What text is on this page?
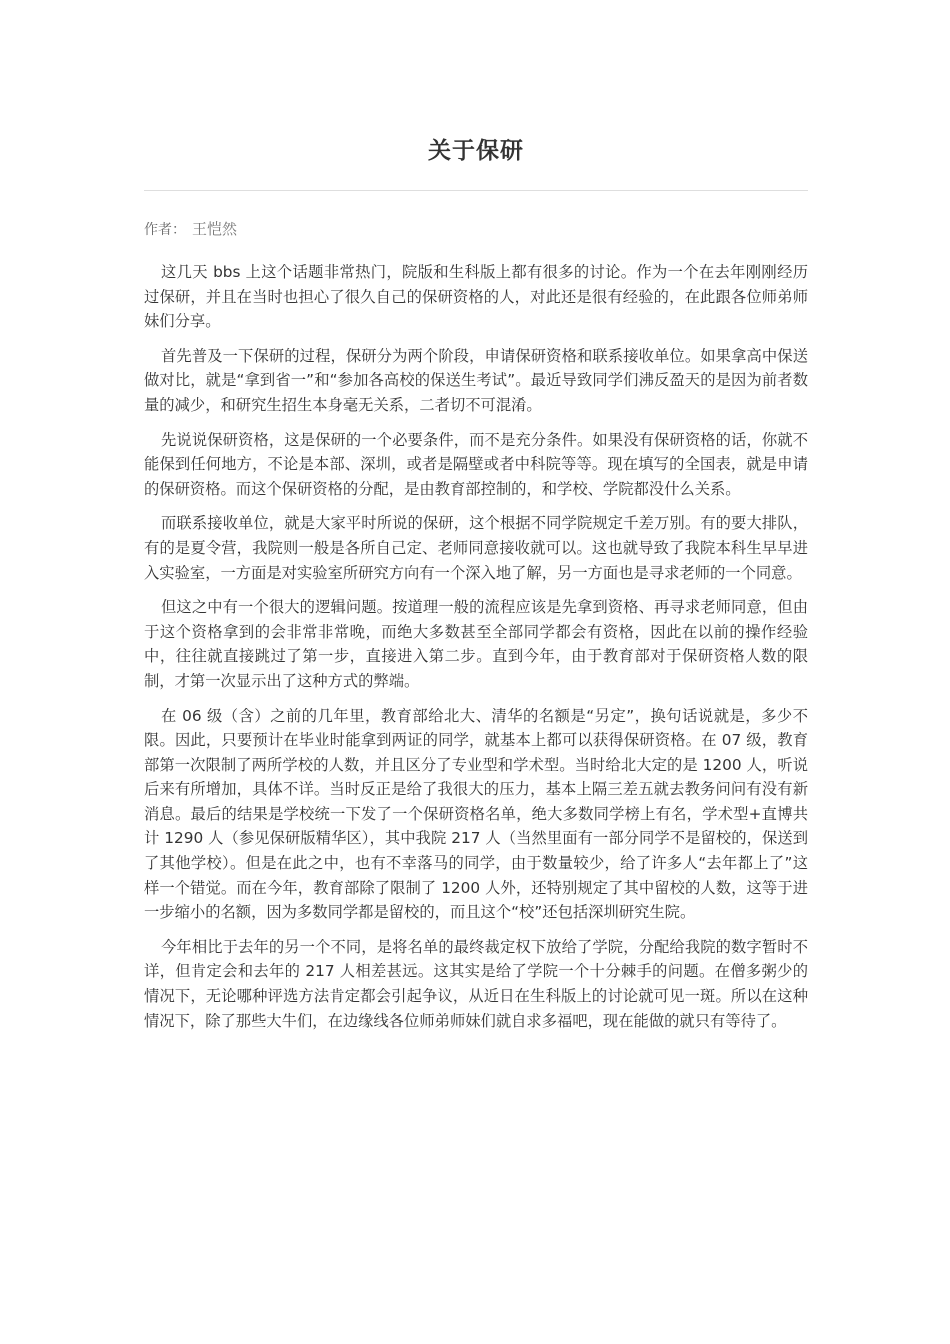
关于保研
作者： 王恺然

这几天 bbs 上这个话题非常热门，院版和生科版上都有很多的讨论。作为一个在去年刚刚经历过保研，并且在当时也担心了很久自己的保研资格的人，对此还是很有经验的，在此跟各位师弟师妹们分享。

首先普及一下保研的过程，保研分为两个阶段，申请保研资格和联系接收单位。如果拿高中保送做对比，就是“拿到省一”和“参加各高校的保送生考试”。最近导致同学们沸反盈天的是因为前者数量的减少，和研究生招生本身毫无关系，二者切不可混淆。

先说说保研资格，这是保研的一个必要条件，而不是充分条件。如果没有保研资格的话，你就不能保到任何地方，不论是本部、深圳，或者是隔壁或者中科院等等。现在填写的全国表，就是申请的保研资格。而这个保研资格的分配，是由教育部控制的，和学校、学院都没什么关系。

而联系接收单位，就是大家平时所说的保研，这个根据不同学院规定千差万别。有的要大排队，有的是夏令营，我院则一般是各所自己定、老师同意接收就可以。这也就导致了我院本科生早早进入实验室，一方面是对实验室所研究方向有一个深入地了解，另一方面也是寻求老师的一个同意。

但这之中有一个很大的逻辑问题。按道理一般的流程应该是先拿到资格、再寻求老师同意，但由于这个资格拿到的会非常非常晚，而绝大多数甚至全部同学都会有资格，因此在以前的操作经验中，往往就直接跳过了第一步，直接进入第二步。直到今年，由于教育部对于保研资格人数的限制，才第一次显示出了这种方式的弊端。

在 06 级（含）之前的几年里，教育部给北大、清华的名额是“另定”，换句话说就是，多少不限。因此，只要预计在毕业时能拿到两证的同学，就基本上都可以获得保研资格。在 07 级，教育部第一次限制了两所学校的人数，并且区分了专业型和学术型。当时给北大定的是 1200 人，听说后来有所增加，具体不详。当时反正是给了我很大的压力，基本上隔三差五就去教务问问有没有新消息。最后的结果是学校统一下发了一个保研资格名单，绝大多数同学榜上有名，学术型+直博共计 1290 人（参见保研版精华区），其中我院 217 人（当然里面有一部分同学不是留校的，保送到了其他学校）。但是在此之中，也有不幸落马的同学，由于数量较少，给了许多人“去年都上了”这样一个错觉。而在今年，教育部除了限制了 1200 人外，还特别规定了其中留校的人数，这等于进一步缩小的名额，因为多数同学都是留校的，而且这个“校”还包括深圳研究生院。

今年相比于去年的另一个不同，是将名单的最终裁定权下放给了学院，分配给我院的数字暂时不详，但肯定会和去年的 217 人相差甚远。这其实是给了学院一个十分棘手的问题。在僧多粥少的情况下，无论哪种评选方法肯定都会引起争议，从近日在生科版上的讨论就可见一斑。所以在这种情况下，除了那些大牛们，在边缘线各位师弟师妹们就自求多福吧，现在能做的就只有等待了。
